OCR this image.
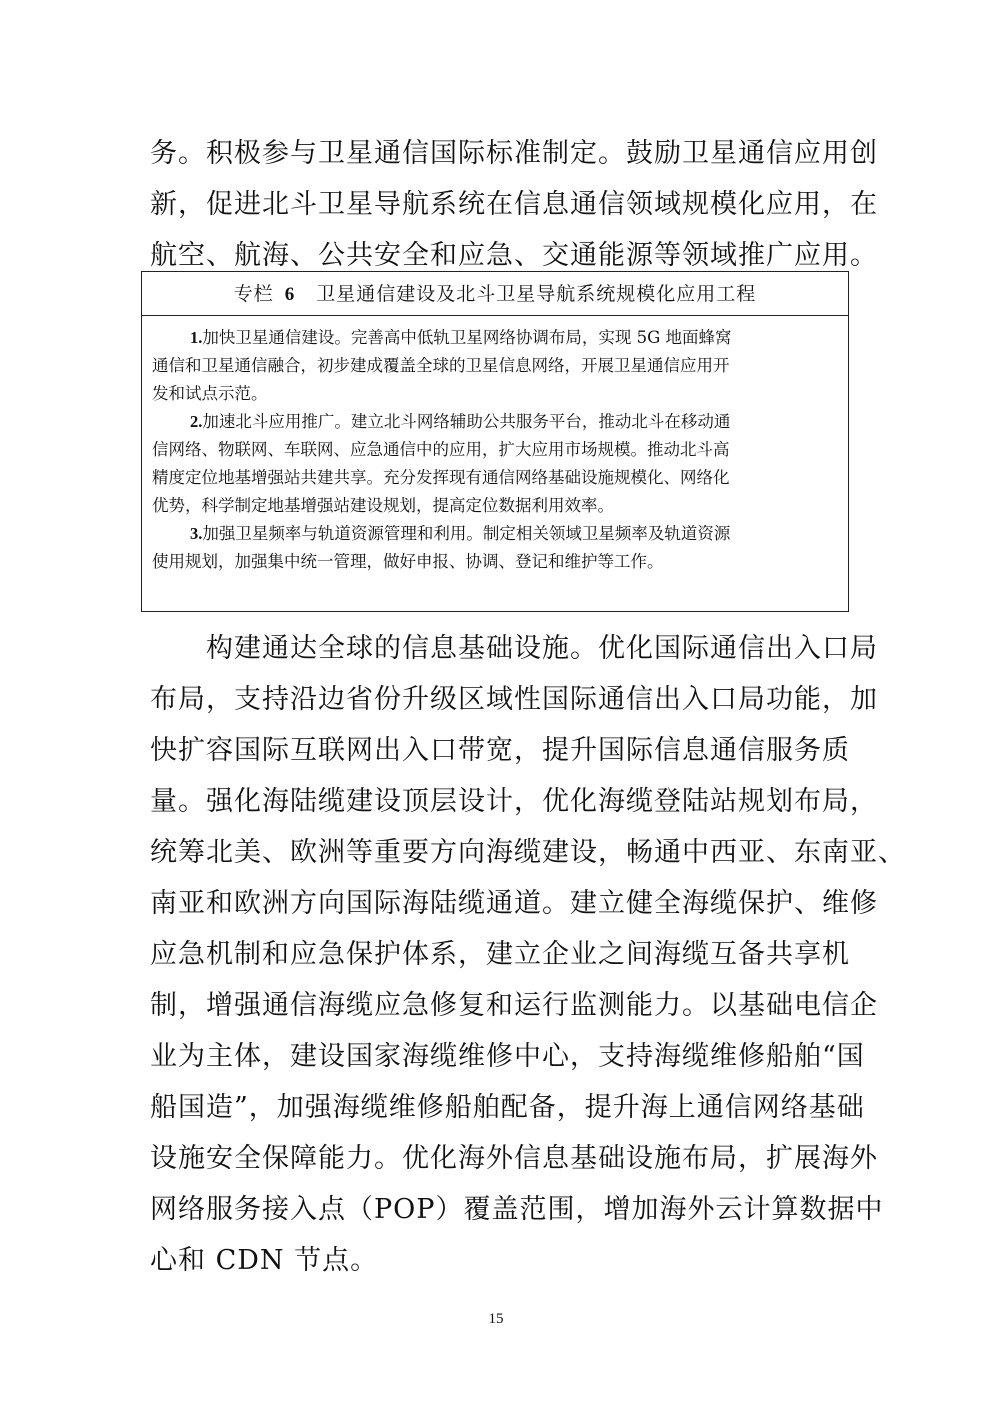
务。积极参与卫星通信国际标准制定。鼓励卫星通信应用创
新，促进北斗卫星导航系统在信息通信领域规模化应用，在
航空、航海、公共安全和应急、交通能源等领域推广应用。
专栏 6 卫星通信建设及北斗卫星导航系统规模化应用工程
1.加快卫星通信建设。完善高中低轨卫星网络协调布局，实现 5G 地面蜂窝
通信和卫星通信融合，初步建成覆盖全球的卫星信息网络，开展卫星通信应用开
发和试点示范。
2.加速北斗应用推广。建立北斗网络辅助公共服务平台，推动北斗在移动通
信网络、物联网、车联网、应急通信中的应用，扩大应用市场规模。推动北斗高
精度定位地基增强站共建共享。充分发挥现有通信网络基础设施规模化、网络化
优势，科学制定地基增强站建设规划，提高定位数据利用效率。
3.加强卫星频率与轨道资源管理和利用。制定相关领域卫星频率及轨道资源
使用规划，加强集中统一管理，做好申报、协调、登记和维护等工作。
构建通达全球的信息基础设施。优化国际通信出入口局
布局，支持沿边省份升级区域性国际通信出入口局功能，加
快扩容国际互联网出入口带宽，提升国际信息通信服务质
量。强化海陆缆建设顶层设计，优化海缆登陆站规划布局，
统筹北美、欧洲等重要方向海缆建设，畅通中西亚、东南亚、
南亚和欧洲方向国际海陆缆通道。建立健全海缆保护、维修
应急机制和应急保护体系，建立企业之间海缆互备共享机
制，增强通信海缆应急修复和运行监测能力。以基础电信企
业为主体，建设国家海缆维修中心，支持海缆维修船舶“国
船国造”，加强海缆维修船舶配备，提升海上通信网络基础
设施安全保障能力。优化海外信息基础设施布局，扩展海外
网络服务接入点（POP）覆盖范围，增加海外云计算数据中
心和 CDN 节点。
15
